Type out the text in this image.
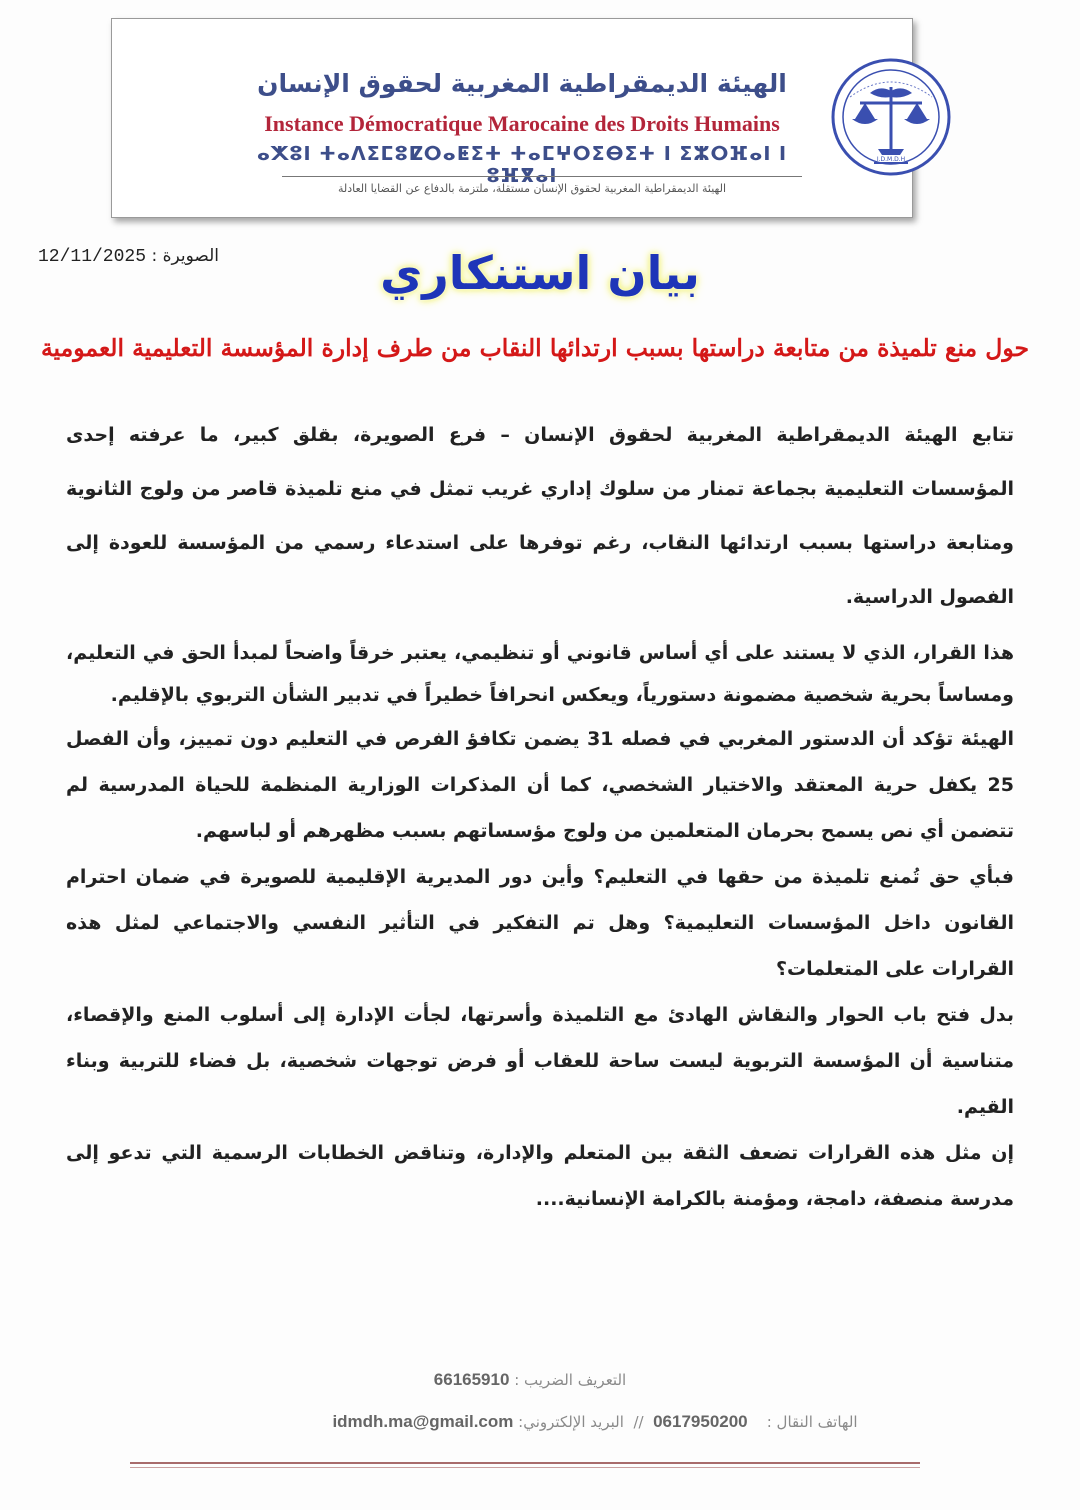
I.D.M.D.H
الهيئة الديمقراطية المغربية لحقوق الإنسان
Instance Démocratique Marocaine des Droits Humains
ⴰⵅⵓⵏ ⵜⴰⴷⵉⵎⵓⵇⵔⴰⵟⵉⵜ ⵜⴰⵎⵖⵔⵉⴱⵉⵜ ⵏ ⵉⵣⵔⴼⴰⵏ ⵏ ⵓⴼⴳⴰⵏ
الهيئة الديمقراطية المغربية لحقوق الإنسان مستقلة، ملتزمة بالدفاع عن القضايا العادلة
الصويرة : 12/11/2025	بيان استنكاري
حول منع تلميذة من متابعة دراستها بسبب ارتدائها النقاب من طرف إدارة المؤسسة التعليمية العمومية

تتابع الهيئة الديمقراطية المغربية لحقوق الإنسان – فرع الصويرة، بقلق كبير، ما عرفته إحدى المؤسسات التعليمية بجماعة تمنار من سلوك إداري غريب تمثل في منع تلميذة قاصر من ولوج الثانوية ومتابعة دراستها بسبب ارتدائها النقاب، رغم توفرها على استدعاء رسمي من المؤسسة للعودة إلى الفصول الدراسية.

هذا القرار، الذي لا يستند على أي أساس قانوني أو تنظيمي، يعتبر خرقاً واضحاً لمبدأ الحق في التعليم، ومساساً بحرية شخصية مضمونة دستورياً، ويعكس انحرافاً خطيراً في تدبير الشأن التربوي بالإقليم.

الهيئة تؤكد أن الدستور المغربي في فصله 31 يضمن تكافؤ الفرص في التعليم دون تمييز، وأن الفصل 25 يكفل حرية المعتقد والاختيار الشخصي، كما أن المذكرات الوزارية المنظمة للحياة المدرسية لم تتضمن أي نص يسمح بحرمان المتعلمين من ولوج مؤسساتهم بسبب مظهرهم أو لباسهم.

فبأي حق تُمنع تلميذة من حقها في التعليم؟ وأين دور المديرية الإقليمية للصويرة في ضمان احترام القانون داخل المؤسسات التعليمية؟ وهل تم التفكير في التأثير النفسي والاجتماعي لمثل هذه القرارات على المتعلمات؟

بدل فتح باب الحوار والنقاش الهادئ مع التلميذة وأسرتها، لجأت الإدارة إلى أسلوب المنع والإقصاء، متناسية أن المؤسسة التربوية ليست ساحة للعقاب أو فرض توجهات شخصية، بل فضاء للتربية وبناء القيم.

إن مثل هذه القرارات تضعف الثقة بين المتعلم والإدارة، وتناقض الخطابات الرسمية التي تدعو إلى مدرسة منصفة، دامجة، ومؤمنة بالكرامة الإنسانية....

التعريف الضريب : 66165910
الهاتف النقال :    0617950200  //  البريد الإلكتروني: idmdh.ma@gmail.com
